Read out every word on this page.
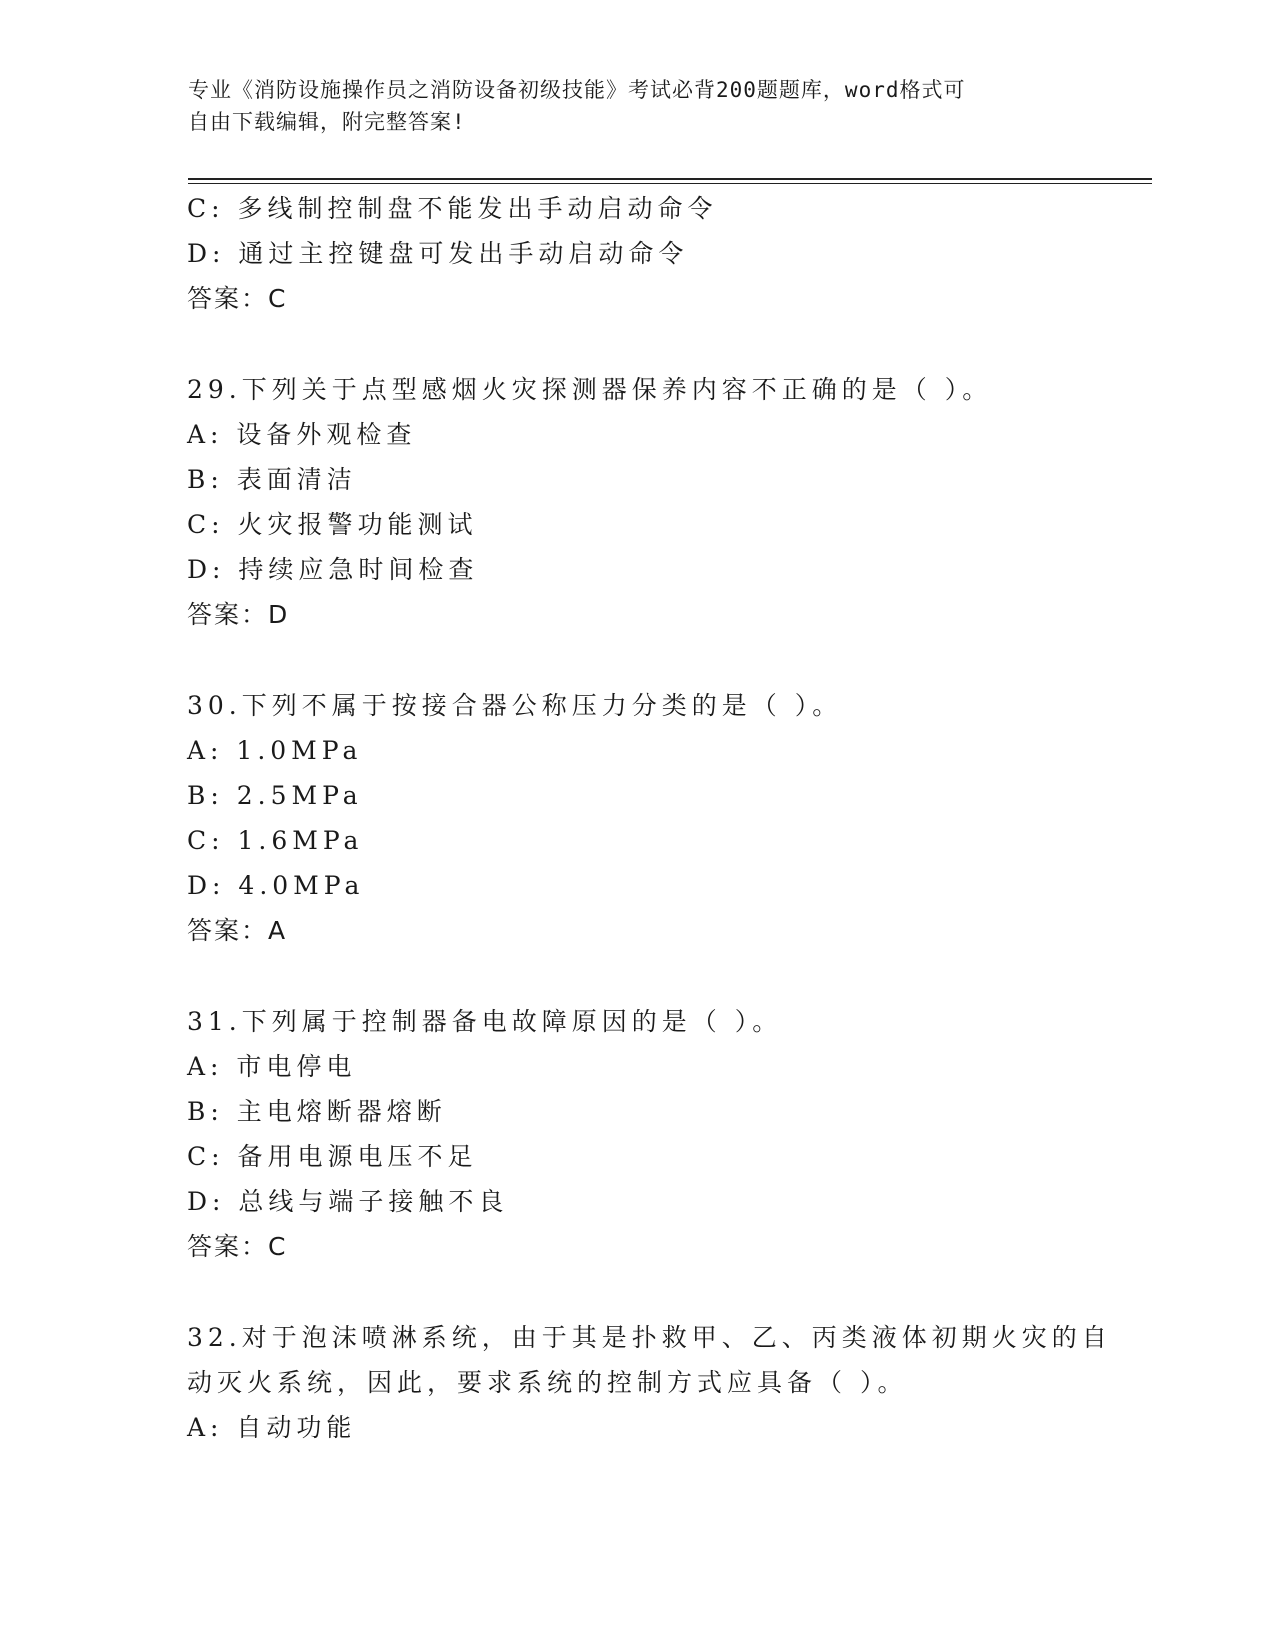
专业《消防设施操作员之消防设备初级技能》考试必背200题题库，word格式可
自由下载编辑，附完整答案!
C: 多线制控制盘不能发出手动启动命令
D: 通过主控键盘可发出手动启动命令
答案：C
29.下列关于点型感烟火灾探测器保养内容不正确的是（ ）。
A: 设备外观检查
B: 表面清洁
C: 火灾报警功能测试
D: 持续应急时间检查
答案：D
30.下列不属于按接合器公称压力分类的是（ ）。
A: 1.0MPa
B: 2.5MPa
C: 1.6MPa
D: 4.0MPa
答案：A
31.下列属于控制器备电故障原因的是（ ）。
A: 市电停电
B: 主电熔断器熔断
C: 备用电源电压不足
D: 总线与端子接触不良
答案：C
32.对于泡沫喷淋系统，由于其是扑救甲、乙、丙类液体初期火灾的自
动灭火系统，因此，要求系统的控制方式应具备（ ）。
A: 自动功能
